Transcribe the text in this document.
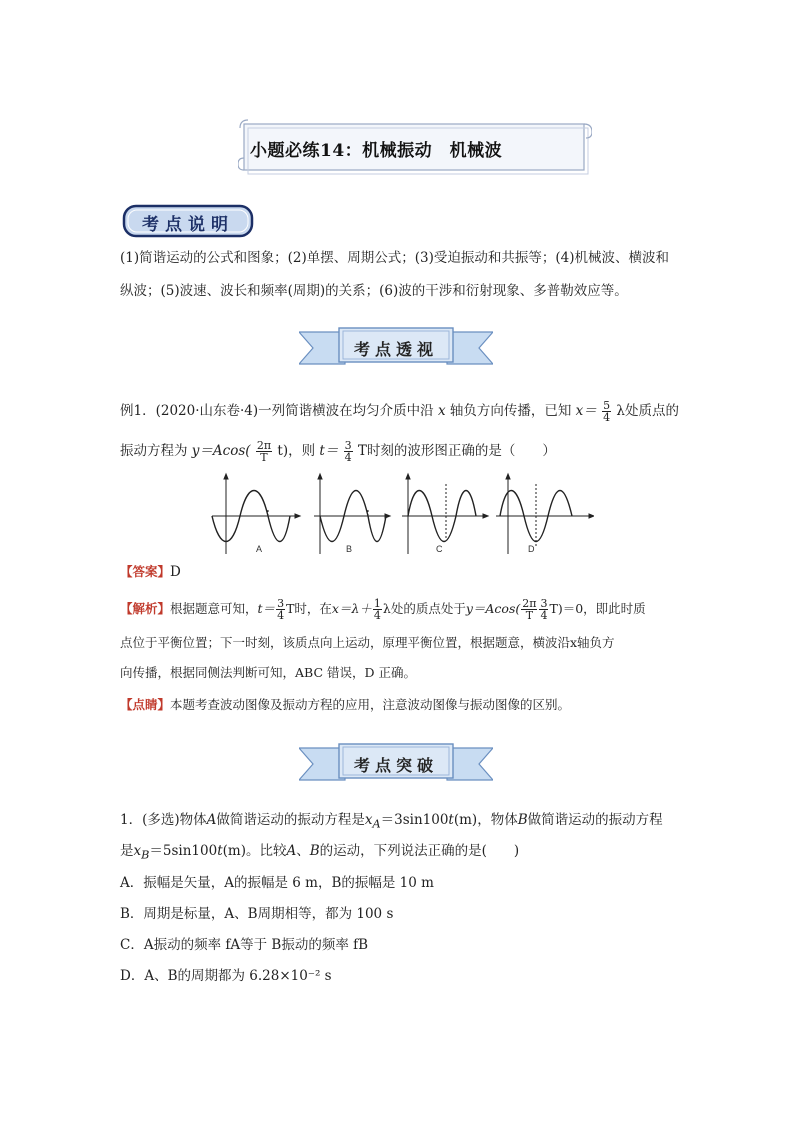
小题必练14：机械振动　机械波
考点说明
(1)简谐运动的公式和图象；(2)单摆、周期公式；(3)受迫振动和共振等；(4)机械波、横波和
纵波；(5)波速、波长和频率(周期)的关系；(6)波的干涉和衍射现象、多普勒效应等。
考点透视
例1．(2020·山东卷·4)一列简谐横波在均匀介质中沿 x 轴负方向传播，已知 $x= \frac{5}{4}$ λ处质点的
振动方程为 $y=Acos( \frac{2\pi}{T} t)$，则 $t= \frac{3}{4}$ T时刻的波形图正确的是（　　）
A	B	C	D
【答案】D
【解析】根据题意可知，$t= \frac{3}{4}$ T时，在$x=\lambda+ \frac{1}{4}$ λ处的质点处于$y=Acos( \frac{2\pi}{T} \frac{3}{4} T)=0$，即此时质
点位于平衡位置；下一时刻，该质点向上运动，原理平衡位置，根据题意，横波沿x轴负方
向传播，根据同侧法判断可知，ABC 错误，D 正确。
【点睛】本题考查波动图像及振动方程的应用，注意波动图像与振动图像的区别。
考点突破
1．(多选)物体A做简谐运动的振动方程是$x_A=3\sin 100t(m)$，物体B做简谐运动的振动方程
是$x_B=5\sin 100t(m)$。比较A、B的运动，下列说法正确的是(　　)
A．振幅是矢量，A的振幅是 6 m，B的振幅是 10 m
B．周期是标量，A、B周期相等，都为 100 s
C．A振动的频率 fA等于 B振动的频率 fB
D．A、B的周期都为 6.28×10⁻² s
